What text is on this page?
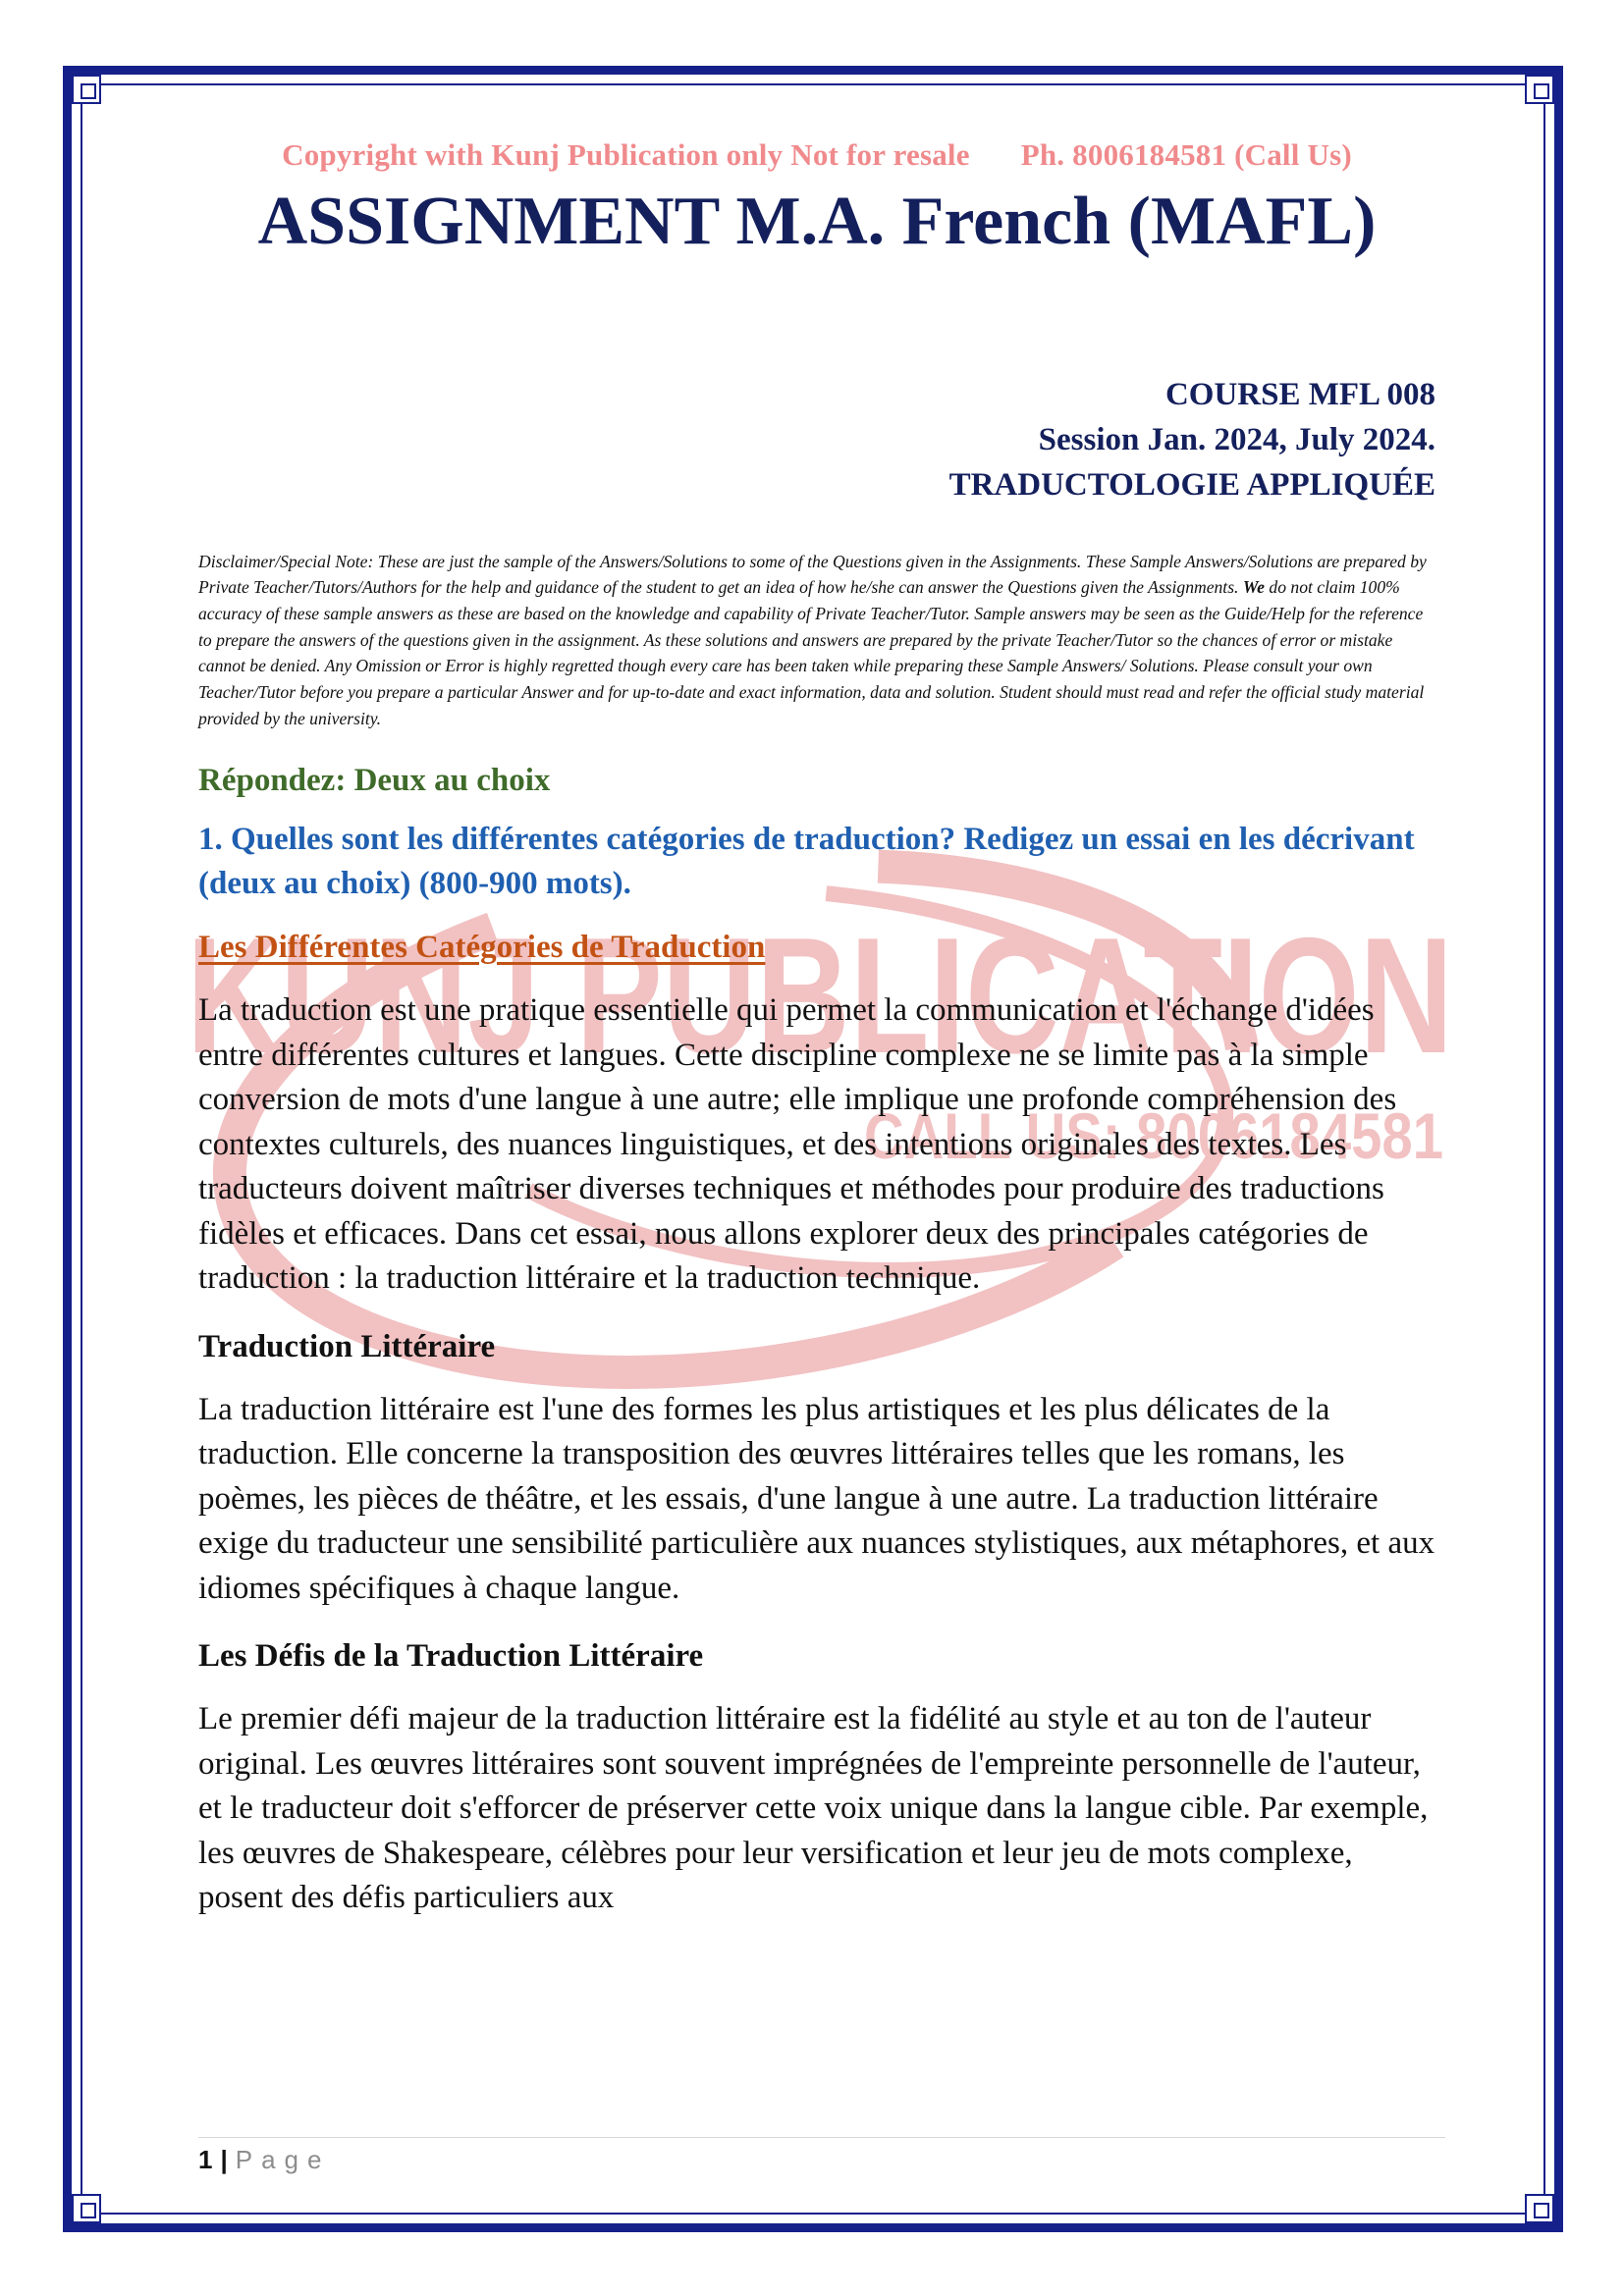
KUNJ PUBLICATION
CALL US: 8006184581

Copyright with Kunj Publication only Not for resale Ph. 8006184581 (Call Us)

ASSIGNMENT M.A. French (MAFL)
COURSE MFL 008
Session Jan. 2024, July 2024.
TRADUCTOLOGIE APPLIQUÉE
Disclaimer/Special Note: These are just the sample of the Answers/Solutions to some of the Questions given in the Assignments. These Sample Answers/Solutions are prepared by Private Teacher/Tutors/Authors for the help and guidance of the student to get an idea of how he/she can answer the Questions given the Assignments. We do not claim 100% accuracy of these sample answers as these are based on the knowledge and capability of Private Teacher/Tutor. Sample answers may be seen as the Guide/Help for the reference to prepare the answers of the questions given in the assignment. As these solutions and answers are prepared by the private Teacher/Tutor so the chances of error or mistake cannot be denied. Any Omission or Error is highly regretted though every care has been taken while preparing these Sample Answers/ Solutions. Please consult your own Teacher/Tutor before you prepare a particular Answer and for up-to-date and exact information, data and solution. Student should must read and refer the official study material provided by the university.
Répondez: Deux au choix
1. Quelles sont les différentes catégories de traduction? Redigez un essai en les décrivant (deux au choix) (800-900 mots).
Les Différentes Catégories de Traduction

La traduction est une pratique essentielle qui permet la communication et l'échange d'idées entre différentes cultures et langues. Cette discipline complexe ne se limite pas à la simple conversion de mots d'une langue à une autre; elle implique une profonde compréhension des contextes culturels, des nuances linguistiques, et des intentions originales des textes. Les traducteurs doivent maîtriser diverses techniques et méthodes pour produire des traductions fidèles et efficaces. Dans cet essai, nous allons explorer deux des principales catégories de traduction : la traduction littéraire et la traduction technique.

Traduction Littéraire

La traduction littéraire est l'une des formes les plus artistiques et les plus délicates de la traduction. Elle concerne la transposition des œuvres littéraires telles que les romans, les poèmes, les pièces de théâtre, et les essais, d'une langue à une autre. La traduction littéraire exige du traducteur une sensibilité particulière aux nuances stylistiques, aux métaphores, et aux idiomes spécifiques à chaque langue.

Les Défis de la Traduction Littéraire

Le premier défi majeur de la traduction littéraire est la fidélité au style et au ton de l'auteur original. Les œuvres littéraires sont souvent imprégnées de l'empreinte personnelle de l'auteur, et le traducteur doit s'efforcer de préserver cette voix unique dans la langue cible. Par exemple, les œuvres de Shakespeare, célèbres pour leur versification et leur jeu de mots complexe, posent des défis particuliers aux

1 | Page
